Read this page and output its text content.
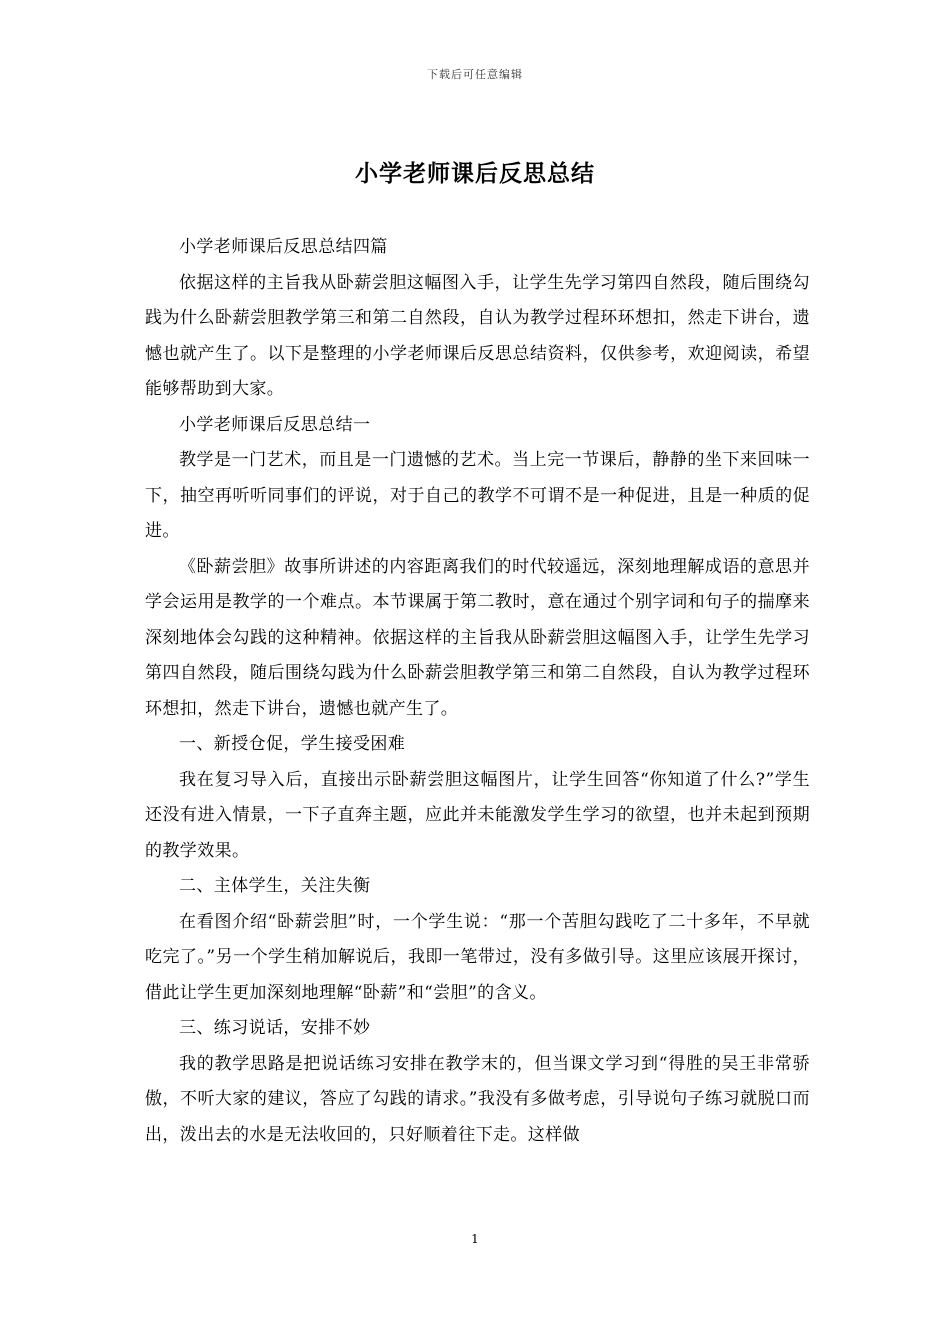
下载后可任意编辑
小学老师课后反思总结

小学老师课后反思总结四篇

依据这样的主旨我从卧薪尝胆这幅图入手，让学生先学习第四自然段，随后围绕勾践为什么卧薪尝胆教学第三和第二自然段，自认为教学过程环环想扣，然走下讲台，遗憾也就产生了。以下是整理的小学老师课后反思总结资料，仅供参考，欢迎阅读，希望能够帮助到大家。

小学老师课后反思总结一

教学是一门艺术，而且是一门遗憾的艺术。当上完一节课后，静静的坐下来回味一下，抽空再听听同事们的评说，对于自己的教学不可谓不是一种促进，且是一种质的促进。

《卧薪尝胆》故事所讲述的内容距离我们的时代较遥远，深刻地理解成语的意思并学会运用是教学的一个难点。本节课属于第二教时，意在通过个别字词和句子的揣摩来深刻地体会勾践的这种精神。依据这样的主旨我从卧薪尝胆这幅图入手，让学生先学习第四自然段，随后围绕勾践为什么卧薪尝胆教学第三和第二自然段，自认为教学过程环环想扣，然走下讲台，遗憾也就产生了。

一、新授仓促，学生接受困难

我在复习导入后，直接出示卧薪尝胆这幅图片，让学生回答“你知道了什么?”学生还没有进入情景，一下子直奔主题，应此并未能激发学生学习的欲望，也并未起到预期的教学效果。

二、主体学生，关注失衡

在看图介绍“卧薪尝胆”时，一个学生说：“那一个苦胆勾践吃了二十多年，不早就吃完了。”另一个学生稍加解说后，我即一笔带过，没有多做引导。这里应该展开探讨，借此让学生更加深刻地理解“卧薪”和“尝胆”的含义。

三、练习说话，安排不妙

我的教学思路是把说话练习安排在教学末的，但当课文学习到“得胜的吴王非常骄傲，不听大家的建议，答应了勾践的请求。”我没有多做考虑，引导说句子练习就脱口而出，泼出去的水是无法收回的，只好顺着往下走。这样做

1
